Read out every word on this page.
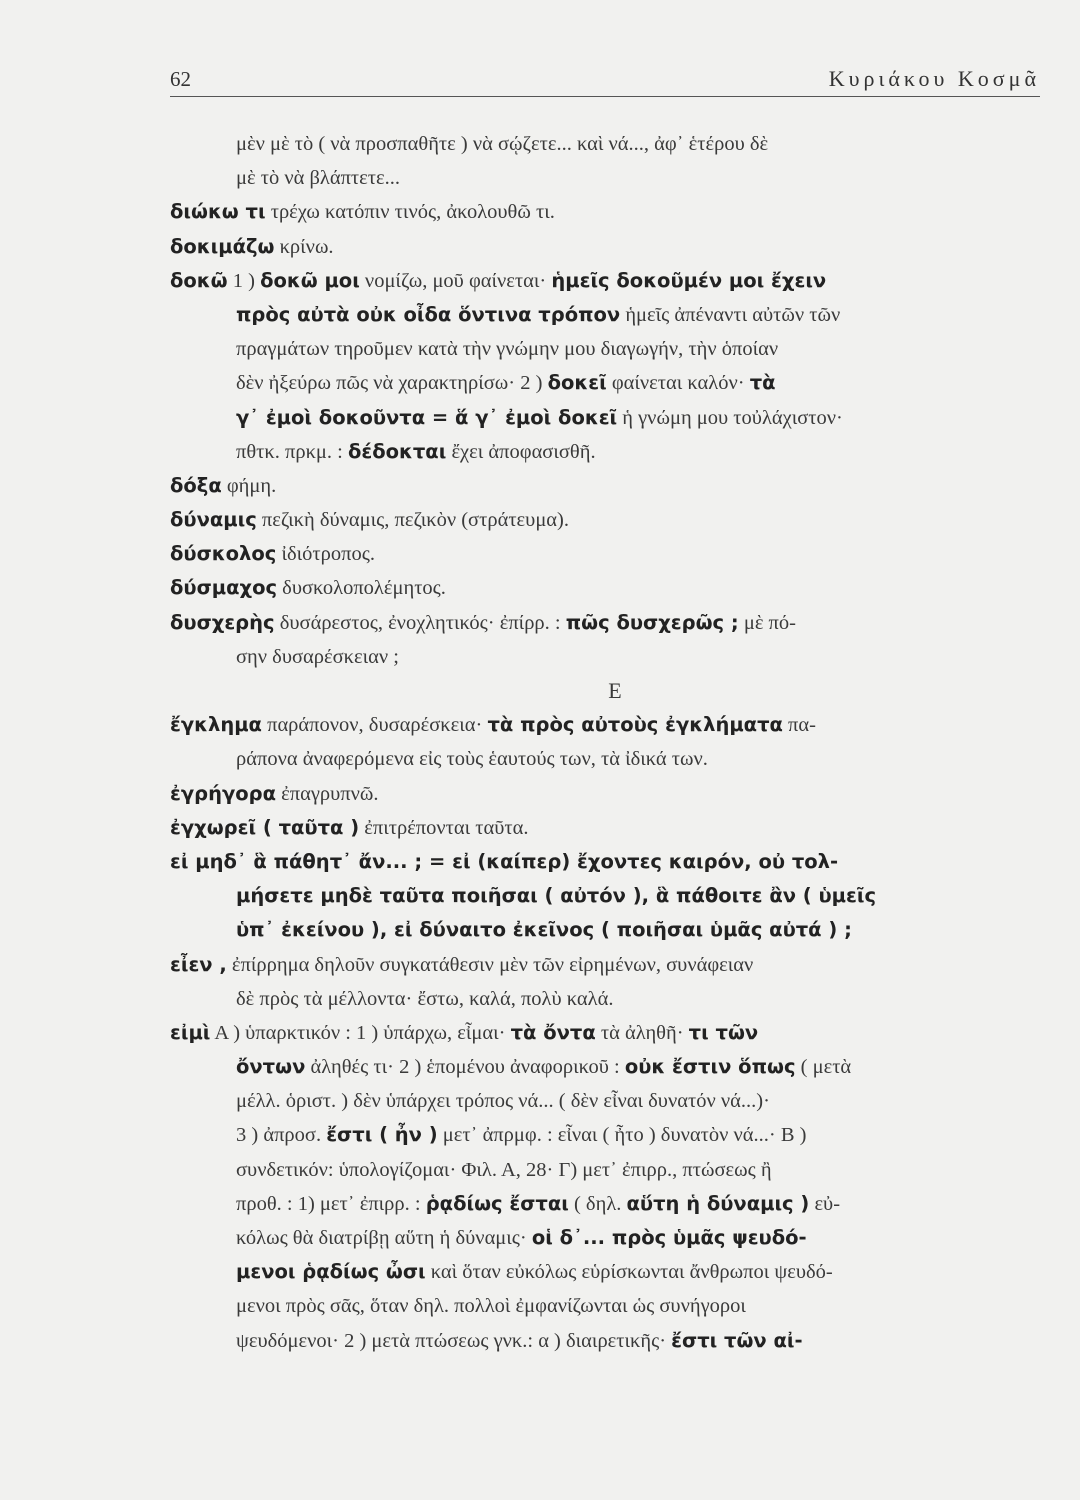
62	Κυριάκου Κοσμᾶ
μὲν μὲ τὸ ( νὰ προσπαθῆτε ) νὰ σῴζετε... καὶ νά..., ἀφ᾽ ἑτέρου δὲ
μὲ τὸ νὰ βλάπτετε...
διώκω τι τρέχω κατόπιν τινός, ἀκολουθῶ τι.
δοκιμάζω κρίνω.
δοκῶ 1 ) δοκῶ μοι νομίζω, μοῦ φαίνεται· ἡμεῖς δοκοῦμέν μοι ἔχειν
πρὸς αὐτὰ οὐκ οἶδα ὅντινα τρόπον ἡμεῖς ἀπέναντι αὐτῶν τῶν
πραγμάτων τηροῦμεν κατὰ τὴν γνώμην μου διαγωγήν, τὴν ὁποίαν
δὲν ἠξεύρω πῶς νὰ χαρακτηρίσω· 2 ) δοκεῖ φαίνεται καλόν· τὰ
γ᾽ ἐμοὶ δοκοῦντα = ἅ γ᾽ ἐμοὶ δοκεῖ ἡ γνώμη μου τοὐλάχιστον·
πθτκ. πρκμ. : δέδοκται ἔχει ἀποφασισθῆ.
δόξα φήμη.
δύναμις πεζικὴ δύναμις, πεζικὸν (στράτευμα).
δύσκολος ἰδιότροπος.
δύσμαχος δυσκολοπολέμητος.
δυσχερὴς δυσάρεστος, ἐνοχλητικός· ἐπίρρ. : πῶς δυσχερῶς ; μὲ πό-
σην δυσαρέσκειαν ;
Ε
ἔγκλημα παράπονον, δυσαρέσκεια· τὰ πρὸς αὐτοὺς ἐγκλήματα πα-
ράπονα ἀναφερόμενα εἰς τοὺς ἑαυτούς των, τὰ ἰδικά των.
ἐγρήγορα ἐπαγρυπνῶ.
ἐγχωρεῖ ( ταῦτα ) ἐπιτρέπονται ταῦτα.
εἰ μηδ᾽ ἃ πάθητ᾽ ἄν... ; = εἰ (καίπερ) ἔχοντες καιρόν, οὐ τολ-
μήσετε μηδὲ ταῦτα ποιῆσαι ( αὐτόν ), ἃ πάθοιτε ἂν ( ὑμεῖς
ὑπ᾽ ἐκείνου ), εἰ δύναιτο ἐκεῖνος ( ποιῆσαι ὑμᾶς αὐτά ) ;
εἶεν , ἐπίρρημα δηλοῦν συγκατάθεσιν μὲν τῶν εἰρημένων, συνάφειαν
δὲ πρὸς τὰ μέλλοντα· ἔστω, καλά, πολὺ καλά.
εἰμὶ Α ) ὑπαρκτικόν : 1 ) ὑπάρχω, εἶμαι· τὰ ὄντα τὰ ἀληθῆ· τι τῶν
ὄντων ἀληθές τι· 2 ) ἑπομένου ἀναφορικοῦ : οὐκ ἔστιν ὅπως ( μετὰ
μέλλ. ὁριστ. ) δὲν ὑπάρχει τρόπος νά... ( δὲν εἶναι δυνατόν νά...)·
3 ) ἀπροσ. ἔστι ( ἦν ) μετ᾽ ἀπρμφ. : εἶναι ( ἦτο ) δυνατὸν νά...· Β )
συνδετικόν: ὑπολογίζομαι· Φιλ. Α, 28· Γ) μετ᾽ ἐπιρρ., πτώσεως ἢ
προθ. : 1) μετ᾽ ἐπιρρ. : ῥᾳδίως ἔσται ( δηλ. αὕτη ἡ δύναμις ) εὐ-
κόλως θὰ διατρίβῃ αὕτη ἡ δύναμις· οἱ δ᾽... πρὸς ὑμᾶς ψευδό-
μενοι ῥᾳδίως ὦσι καὶ ὅταν εὐκόλως εὑρίσκωνται ἄνθρωποι ψευδό-
μενοι πρὸς σᾶς, ὅταν δηλ. πολλοὶ ἐμφανίζωνται ὡς συνήγοροι
ψευδόμενοι· 2 ) μετὰ πτώσεως γνκ.: α ) διαιρετικῆς· ἔστι τῶν αἰ-
